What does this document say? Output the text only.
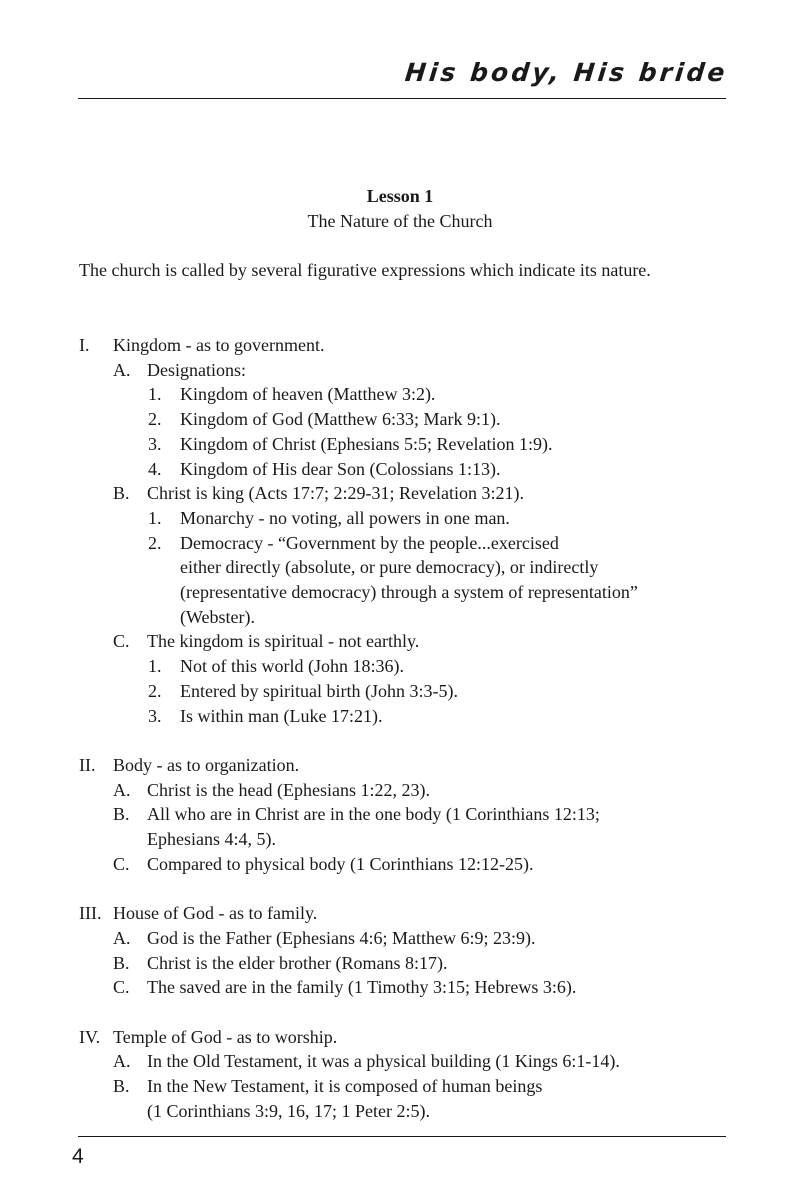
His body, His bride
Lesson 1
The Nature of the Church
The church is called by several figurative expressions which indicate its nature.
I. Kingdom - as to government.
A. Designations:
1. Kingdom of heaven (Matthew 3:2).
2. Kingdom of God (Matthew 6:33; Mark 9:1).
3. Kingdom of Christ (Ephesians 5:5; Revelation 1:9).
4. Kingdom of His dear Son (Colossians 1:13).
B. Christ is king (Acts 17:7; 2:29-31; Revelation 3:21).
1. Monarchy - no voting, all powers in one man.
2. Democracy - “Government by the people...exercised
either directly (absolute, or pure democracy), or indirectly
(representative democracy) through a system of representation”
(Webster).
C. The kingdom is spiritual - not earthly.
1. Not of this world (John 18:36).
2. Entered by spiritual birth (John 3:3-5).
3. Is within man (Luke 17:21).
II. Body - as to organization.
A. Christ is the head (Ephesians 1:22, 23).
B. All who are in Christ are in the one body (1 Corinthians 12:13;
Ephesians 4:4, 5).
C. Compared to physical body (1 Corinthians 12:12-25).
III. House of God - as to family.
A. God is the Father (Ephesians 4:6; Matthew 6:9; 23:9).
B. Christ is the elder brother (Romans 8:17).
C. The saved are in the family (1 Timothy 3:15; Hebrews 3:6).
IV. Temple of God - as to worship.
A. In the Old Testament, it was a physical building (1 Kings 6:1-14).
B. In the New Testament, it is composed of human beings
(1 Corinthians 3:9, 16, 17; 1 Peter 2:5).
4
